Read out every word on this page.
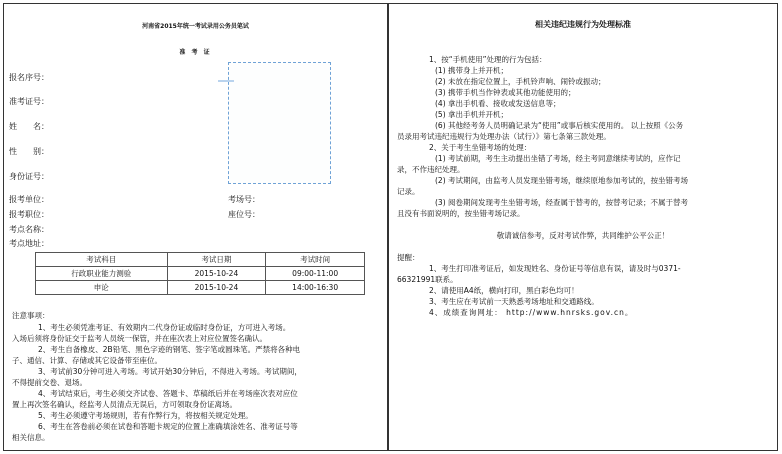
河南省2015年统一考试录用公务员笔试
准 考 证
报名序号：
准考证号：
姓　　名：
性　　别：
身份证号：
报考单位：	考场号：
报考职位：	座位号：
考点名称：
考点地址：
考试科目	考试日期	考试时间
行政职业能力测验	2015-10-24	09:00-11:00
申论	2015-10-24	14:00-16:30
注意事项：

1、考生必须凭准考证、有效期内二代身份证或临时身份证，方可进入考场。

入场后须将身份证交于监考人员统一保管，并在座次表上对应位置签名确认。

2、考生自备橡皮、2B铅笔、黑色字迹的钢笔、签字笔或圆珠笔。严禁将各种电

子、通信、计算、存储或其它设备带至座位。

3、考试前30分钟可进入考场。考试开始30分钟后，不得进入考场。考试期间，

不得提前交卷、退场。

4、考试结束后，考生必须交齐试卷、答题卡、草稿纸后并在考场座次表对应位

置上再次签名确认，经监考人员清点无误后，方可领取身份证离场。

5、考生必须遵守考场规则，若有作弊行为，将按相关规定处理。

6、考生在答卷前必须在试卷和答题卡规定的位置上准确填涂姓名、准考证号等

相关信息。

相关违纪违规行为处理标准

1、按“手机使用”处理的行为包括：

(1) 携带身上并开机；

(2) 未放在指定位置上，手机铃声响、闹铃或振动；

(3) 携带手机当作钟表或其他功能使用的；

(4) 拿出手机看、接收或发送信息等；

(5) 拿出手机并开机；

(6) 其他经考务人员明确记录为“使用”或事后核实使用的。 以上按照《公务

员录用考试违纪违规行为处理办法（试行）》第七条第三款处理。

2、关于考生坐错考场的处理：

(1) 考试前期，考生主动提出坐错了考场，经主考同意继续考试的，应作记

录，不作违纪处理。

(2) 考试期间，由监考人员发现坐错考场，继续原地参加考试的，按坐错考场

记录。

(3) 阅卷期间发现考生坐错考场，经查属于替考的，按替考记录；不属于替考

且没有书面说明的，按坐错考场记录。

敬请诚信参考，反对考试作弊，共同维护公平公正！

提醒：

1、考生打印准考证后，如发现姓名、身份证号等信息有误，请及时与0371-

66321991联系。

2、请使用A4纸，横向打印，黑白彩色均可！

3、考生应在考试前一天熟悉考场地址和交通路线。

4、成绩查询网址： http://www.hnrsks.gov.cn。
